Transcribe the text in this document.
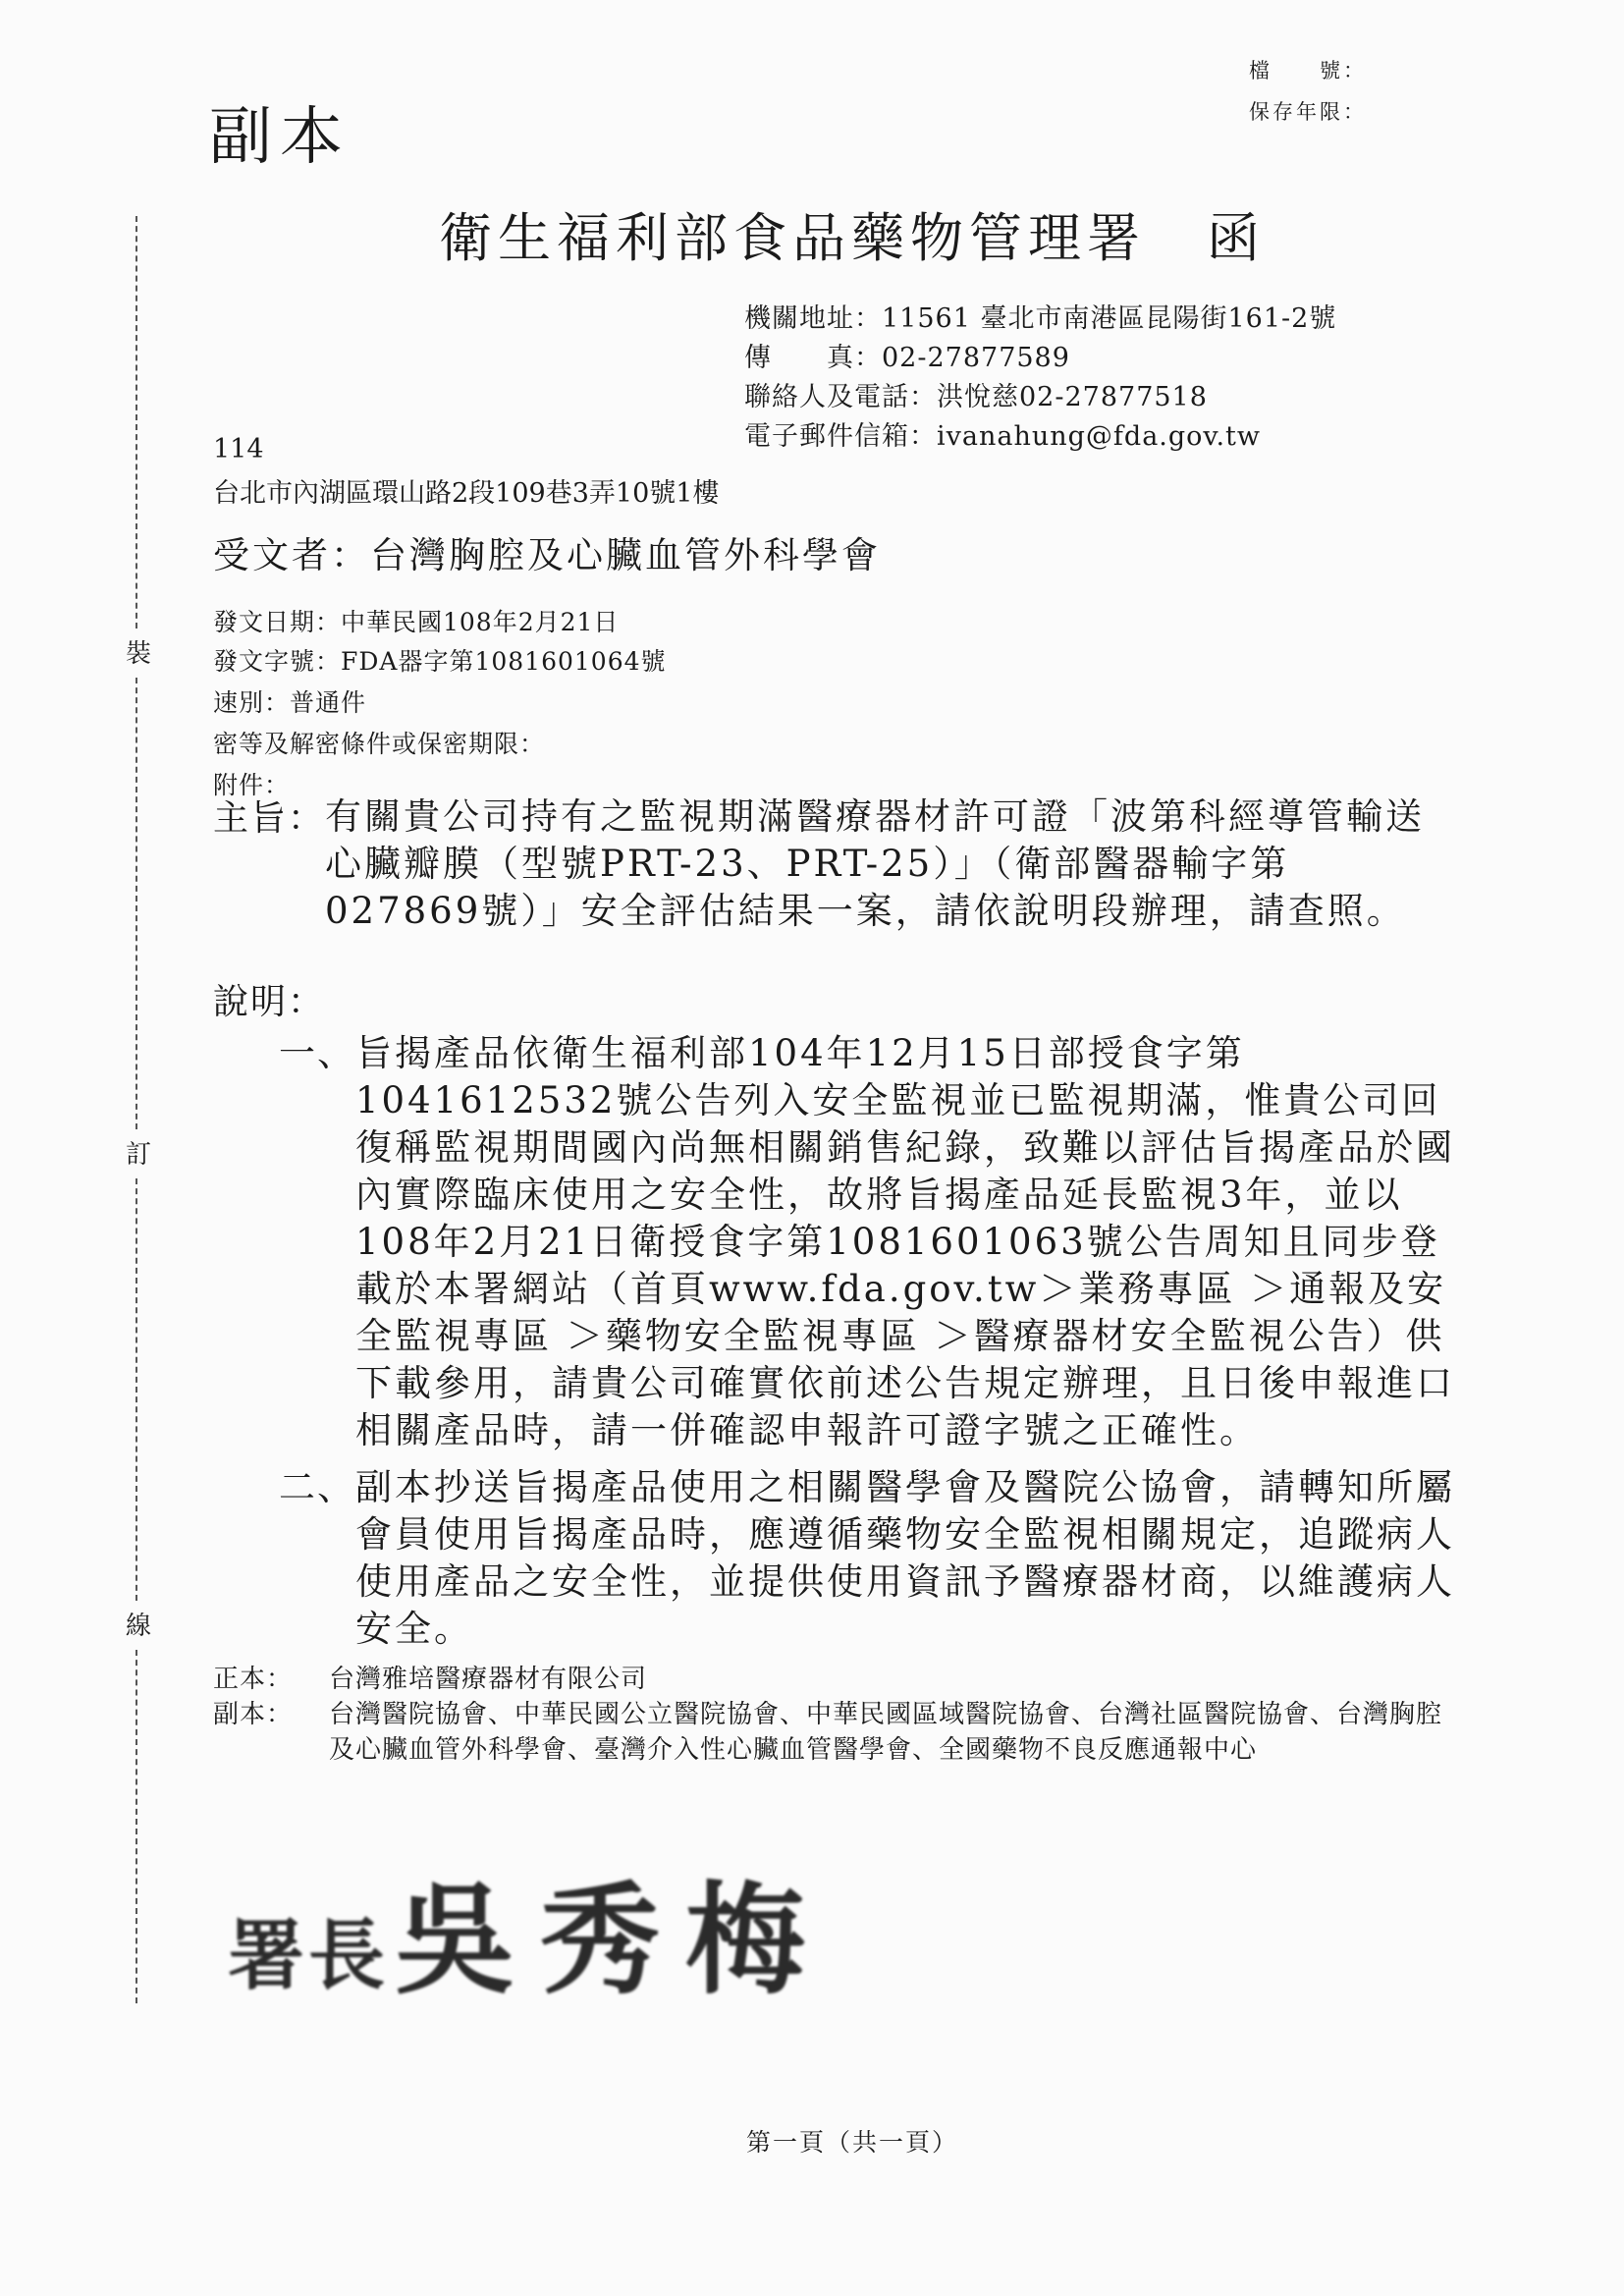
副本
檔　　號：
保存年限：
裝
訂
線
衛生福利部食品藥物管理署 函
機關地址：11561 臺北市南港區昆陽街161-2號
傳　　真：02-27877589
聯絡人及電話：洪悅慈02-27877518
電子郵件信箱：ivanahung@fda.gov.tw
114
台北市內湖區環山路2段109巷3弄10號1樓
受文者：台灣胸腔及心臟血管外科學會
發文日期：中華民國108年2月21日
發文字號：FDA器字第1081601064號
速別：普通件
密等及解密條件或保密期限：
附件：
主旨： 有關貴公司持有之監視期滿醫療器材許可證「波第科經導管輸送心臟瓣膜（型號PRT-23、PRT-25）」（衛部醫器輸字第027869號）」安全評估結果一案，請依說明段辦理，請查照。
說明：
一、 旨揭產品依衛生福利部104年12月15日部授食字第1041612532號公告列入安全監視並已監視期滿，惟貴公司回復稱監視期間國內尚無相關銷售紀錄，致難以評估旨揭產品於國內實際臨床使用之安全性，故將旨揭產品延長監視3年，並以108年2月21日衛授食字第1081601063號公告周知且同步登載於本署網站（首頁www.fda.gov.tw＞業務專區 ＞通報及安全監視專區 ＞藥物安全監視專區 ＞醫療器材安全監視公告）供下載參用，請貴公司確實依前述公告規定辦理，且日後申報進口相關產品時，請一併確認申報許可證字號之正確性。
二、 副本抄送旨揭產品使用之相關醫學會及醫院公協會，請轉知所屬會員使用旨揭產品時，應遵循藥物安全監視相關規定，追蹤病人使用產品之安全性，並提供使用資訊予醫療器材商，以維護病人安全。
正本：	台灣雅培醫療器材有限公司
副本：	台灣醫院協會、中華民國公立醫院協會、中華民國區域醫院協會、台灣社區醫院協會、台灣胸腔及心臟血管外科學會、臺灣介入性心臟血管醫學會、全國藥物不良反應通報中心
署長吳秀梅
第一頁（共一頁）
